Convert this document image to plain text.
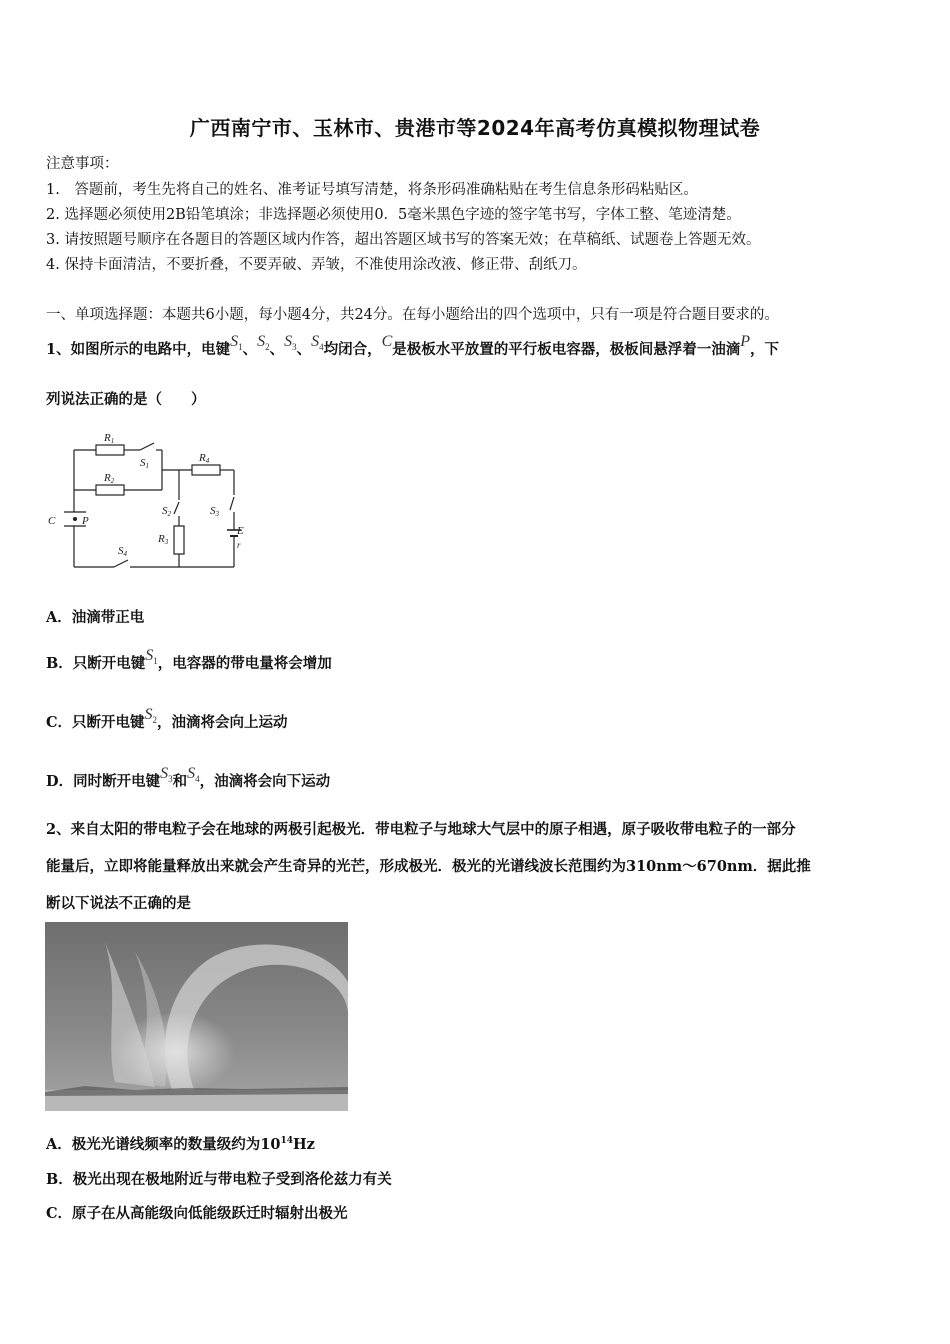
广西南宁市、玉林市、贵港市等2024年高考仿真模拟物理试卷
注意事项：
1.　答题前，考生先将自己的姓名、准考证号填写清楚，将条形码准确粘贴在考生信息条形码粘贴区。
2. 选择题必须使用2B铅笔填涂；非选择题必须使用0．5毫米黑色字迹的签字笔书写，字体工整、笔迹清楚。
3. 请按照题号顺序在各题目的答题区域内作答，超出答题区域书写的答案无效；在草稿纸、试题卷上答题无效。
4. 保持卡面清洁，不要折叠，不要弄破、弄皱，不准使用涂改液、修正带、刮纸刀。
一、单项选择题：本题共6小题，每小题4分，共24分。在每小题给出的四个选项中，只有一项是符合题目要求的。
1、如图所示的电路中，电键$S_1$、$S_2$、$S_3$、$S_4$均闭合，C是极板水平放置的平行板电容器，极板间悬浮着一油滴P，下
列说法正确的是（　　）
R1
R2
R4
R3
S1
S2	S3
S4
C P
E
r
A．油滴带正电
B．只断开电键$S_1$，电容器的带电量将会增加
C．只断开电键$S_2$，油滴将会向上运动
D．同时断开电键$S_3$和$S_4$，油滴将会向下运动
2、来自太阳的带电粒子会在地球的两极引起极光．带电粒子与地球大气层中的原子相遇，原子吸收带电粒子的一部分
能量后，立即将能量释放出来就会产生奇异的光芒，形成极光．极光的光谱线波长范围约为310nm～670nm．据此推
断以下说法不正确的是
A．极光光谱线频率的数量级约为$10^{14}Hz$
B．极光出现在极地附近与带电粒子受到洛伦兹力有关
C．原子在从高能级向低能级跃迁时辐射出极光
